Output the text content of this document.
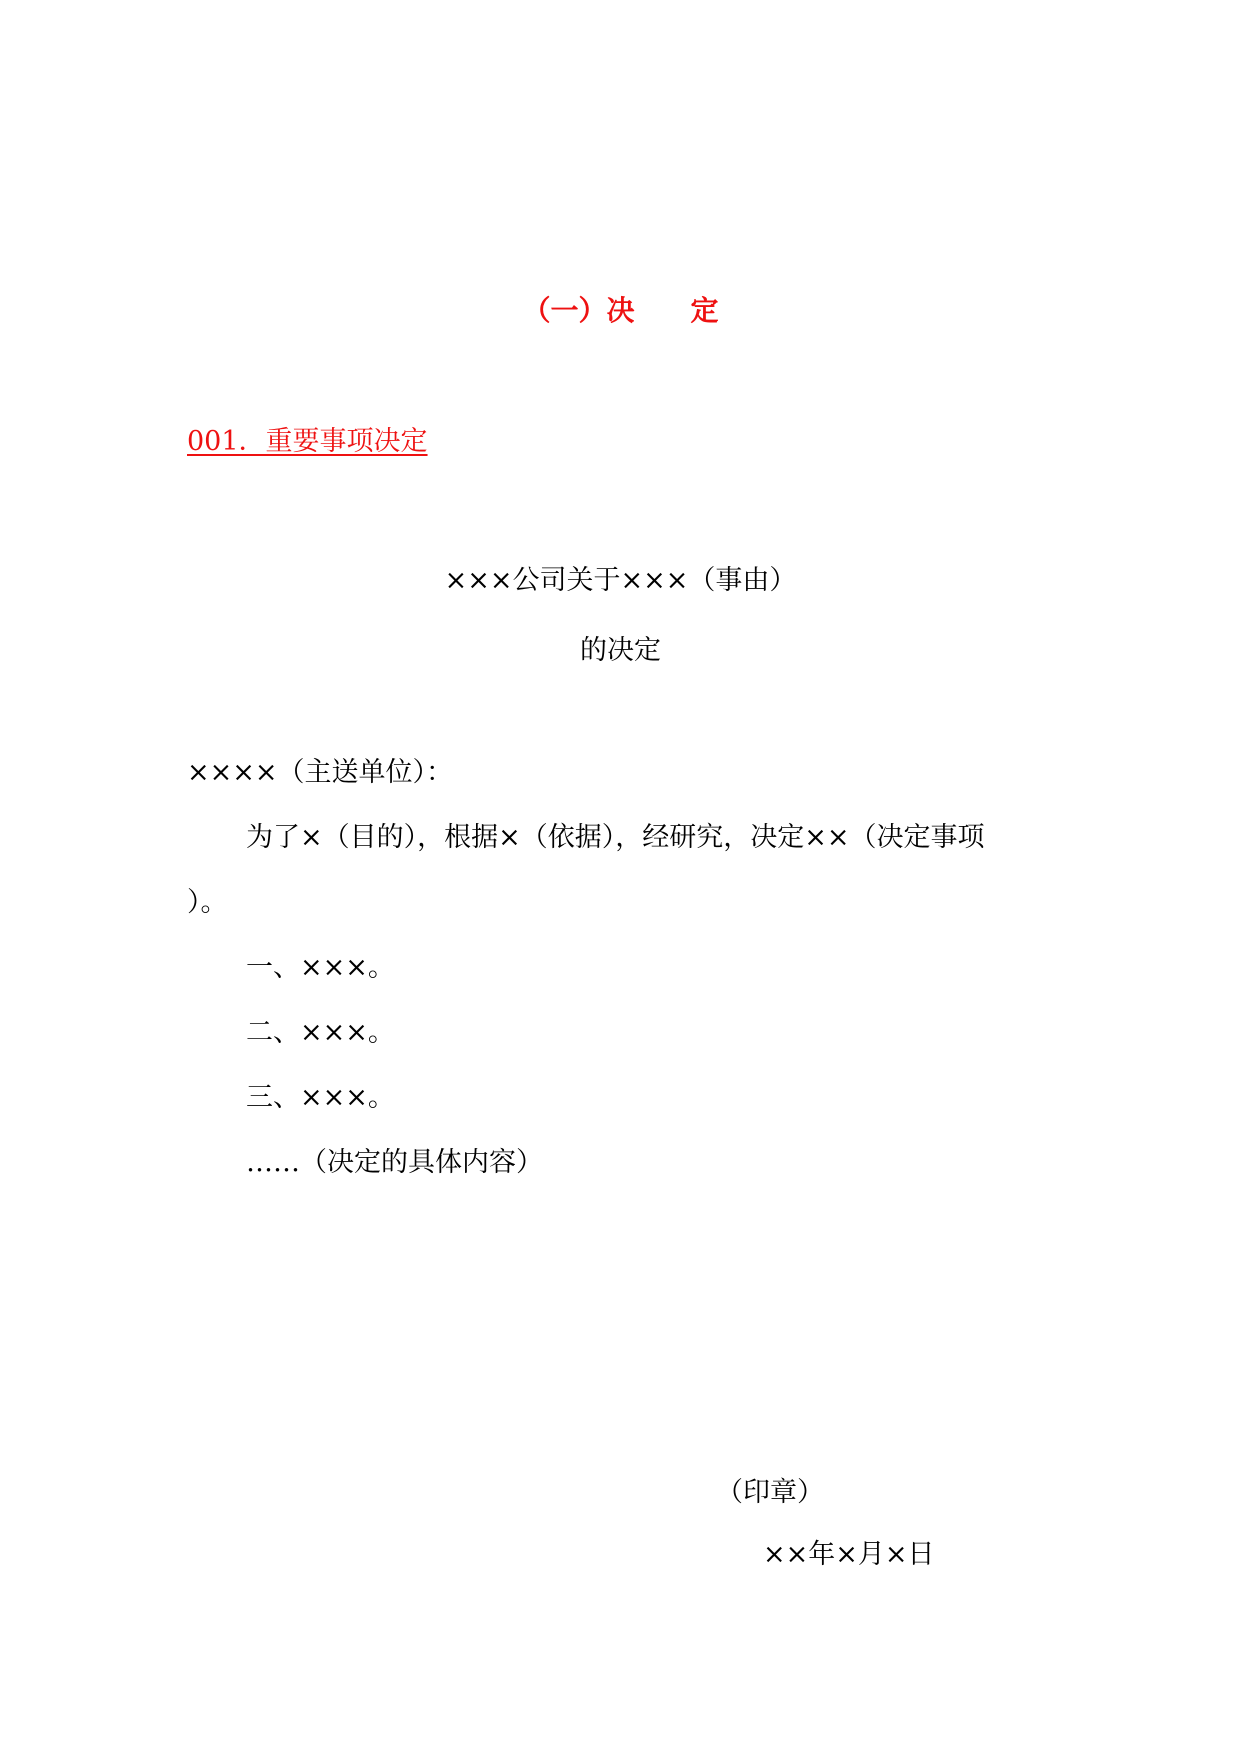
（一）决　　定
001．重要事项决定
×××公司关于×××（事由）
的决定
××××（主送单位）：
为了×（目的），根据×（依据），经研究，决定××（决定事项
）。
一、×××。
二、×××。
三、×××。
……（决定的具体内容）
（印章）
××年×月×日
